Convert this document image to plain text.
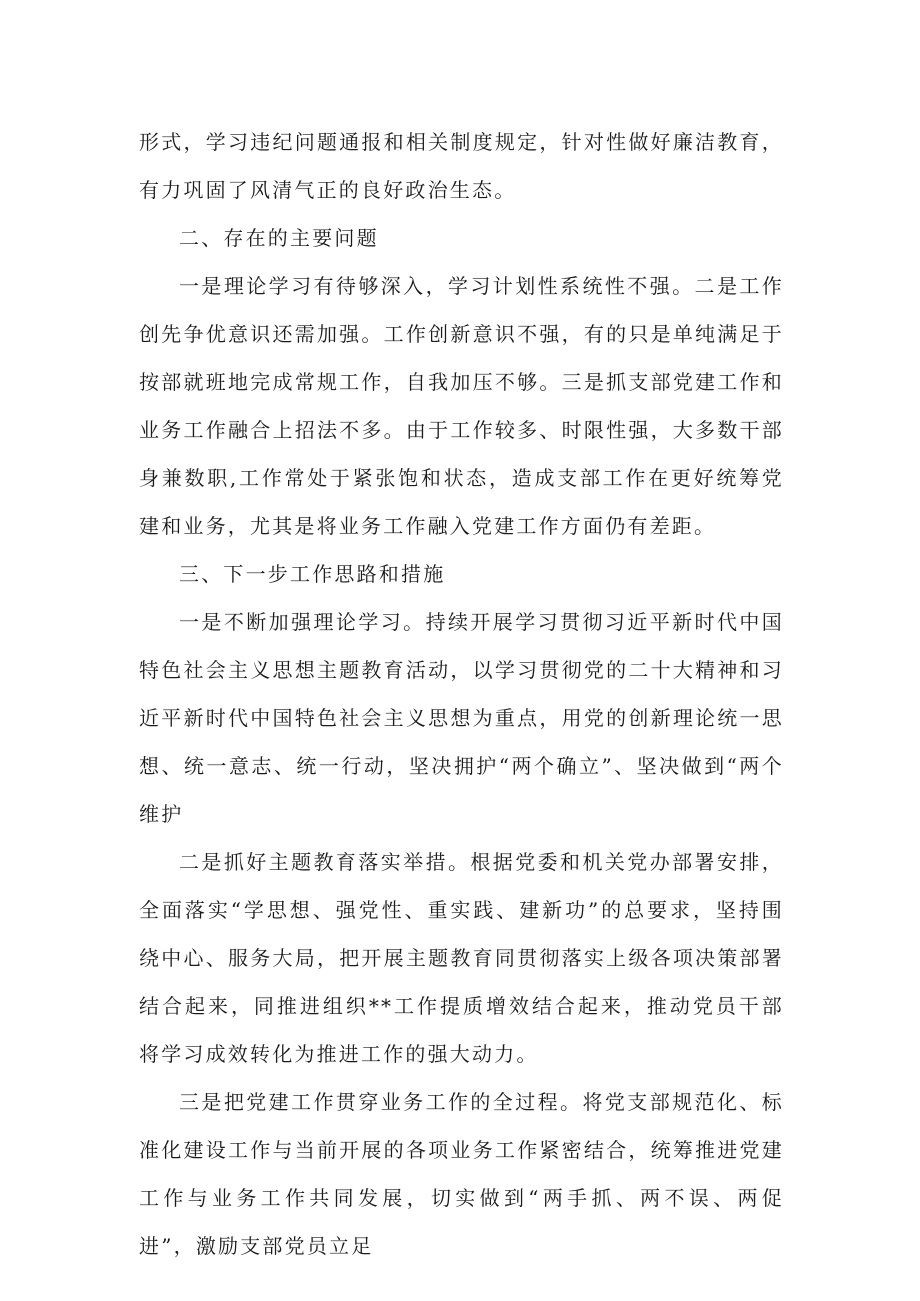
形式，学习违纪问题通报和相关制度规定，针对性做好廉洁教育，有力巩固了风清气正的良好政治生态。

二、存在的主要问题

一是理论学习有待够深入，学习计划性系统性不强。二是工作创先争优意识还需加强。工作创新意识不强，有的只是单纯满足于按部就班地完成常规工作，自我加压不够。三是抓支部党建工作和业务工作融合上招法不多。由于工作较多、时限性强，大多数干部身兼数职,工作常处于紧张饱和状态，造成支部工作在更好统筹党建和业务，尤其是将业务工作融入党建工作方面仍有差距。

三、下一步工作思路和措施

一是不断加强理论学习。持续开展学习贯彻习近平新时代中国特色社会主义思想主题教育活动，以学习贯彻党的二十大精神和习近平新时代中国特色社会主义思想为重点，用党的创新理论统一思想、统一意志、统一行动，坚决拥护“两个确立”、坚决做到“两个维护

二是抓好主题教育落实举措。根据党委和机关党办部署安排，全面落实“学思想、强党性、重实践、建新功”的总要求，坚持围绕中心、服务大局，把开展主题教育同贯彻落实上级各项决策部署结合起来，同推进组织**工作提质增效结合起来，推动党员干部将学习成效转化为推进工作的强大动力。

三是把党建工作贯穿业务工作的全过程。将党支部规范化、标准化建设工作与当前开展的各项业务工作紧密结合，统筹推进党建工作与业务工作共同发展，切实做到“两手抓、两不误、两促进”，激励支部党员立足
